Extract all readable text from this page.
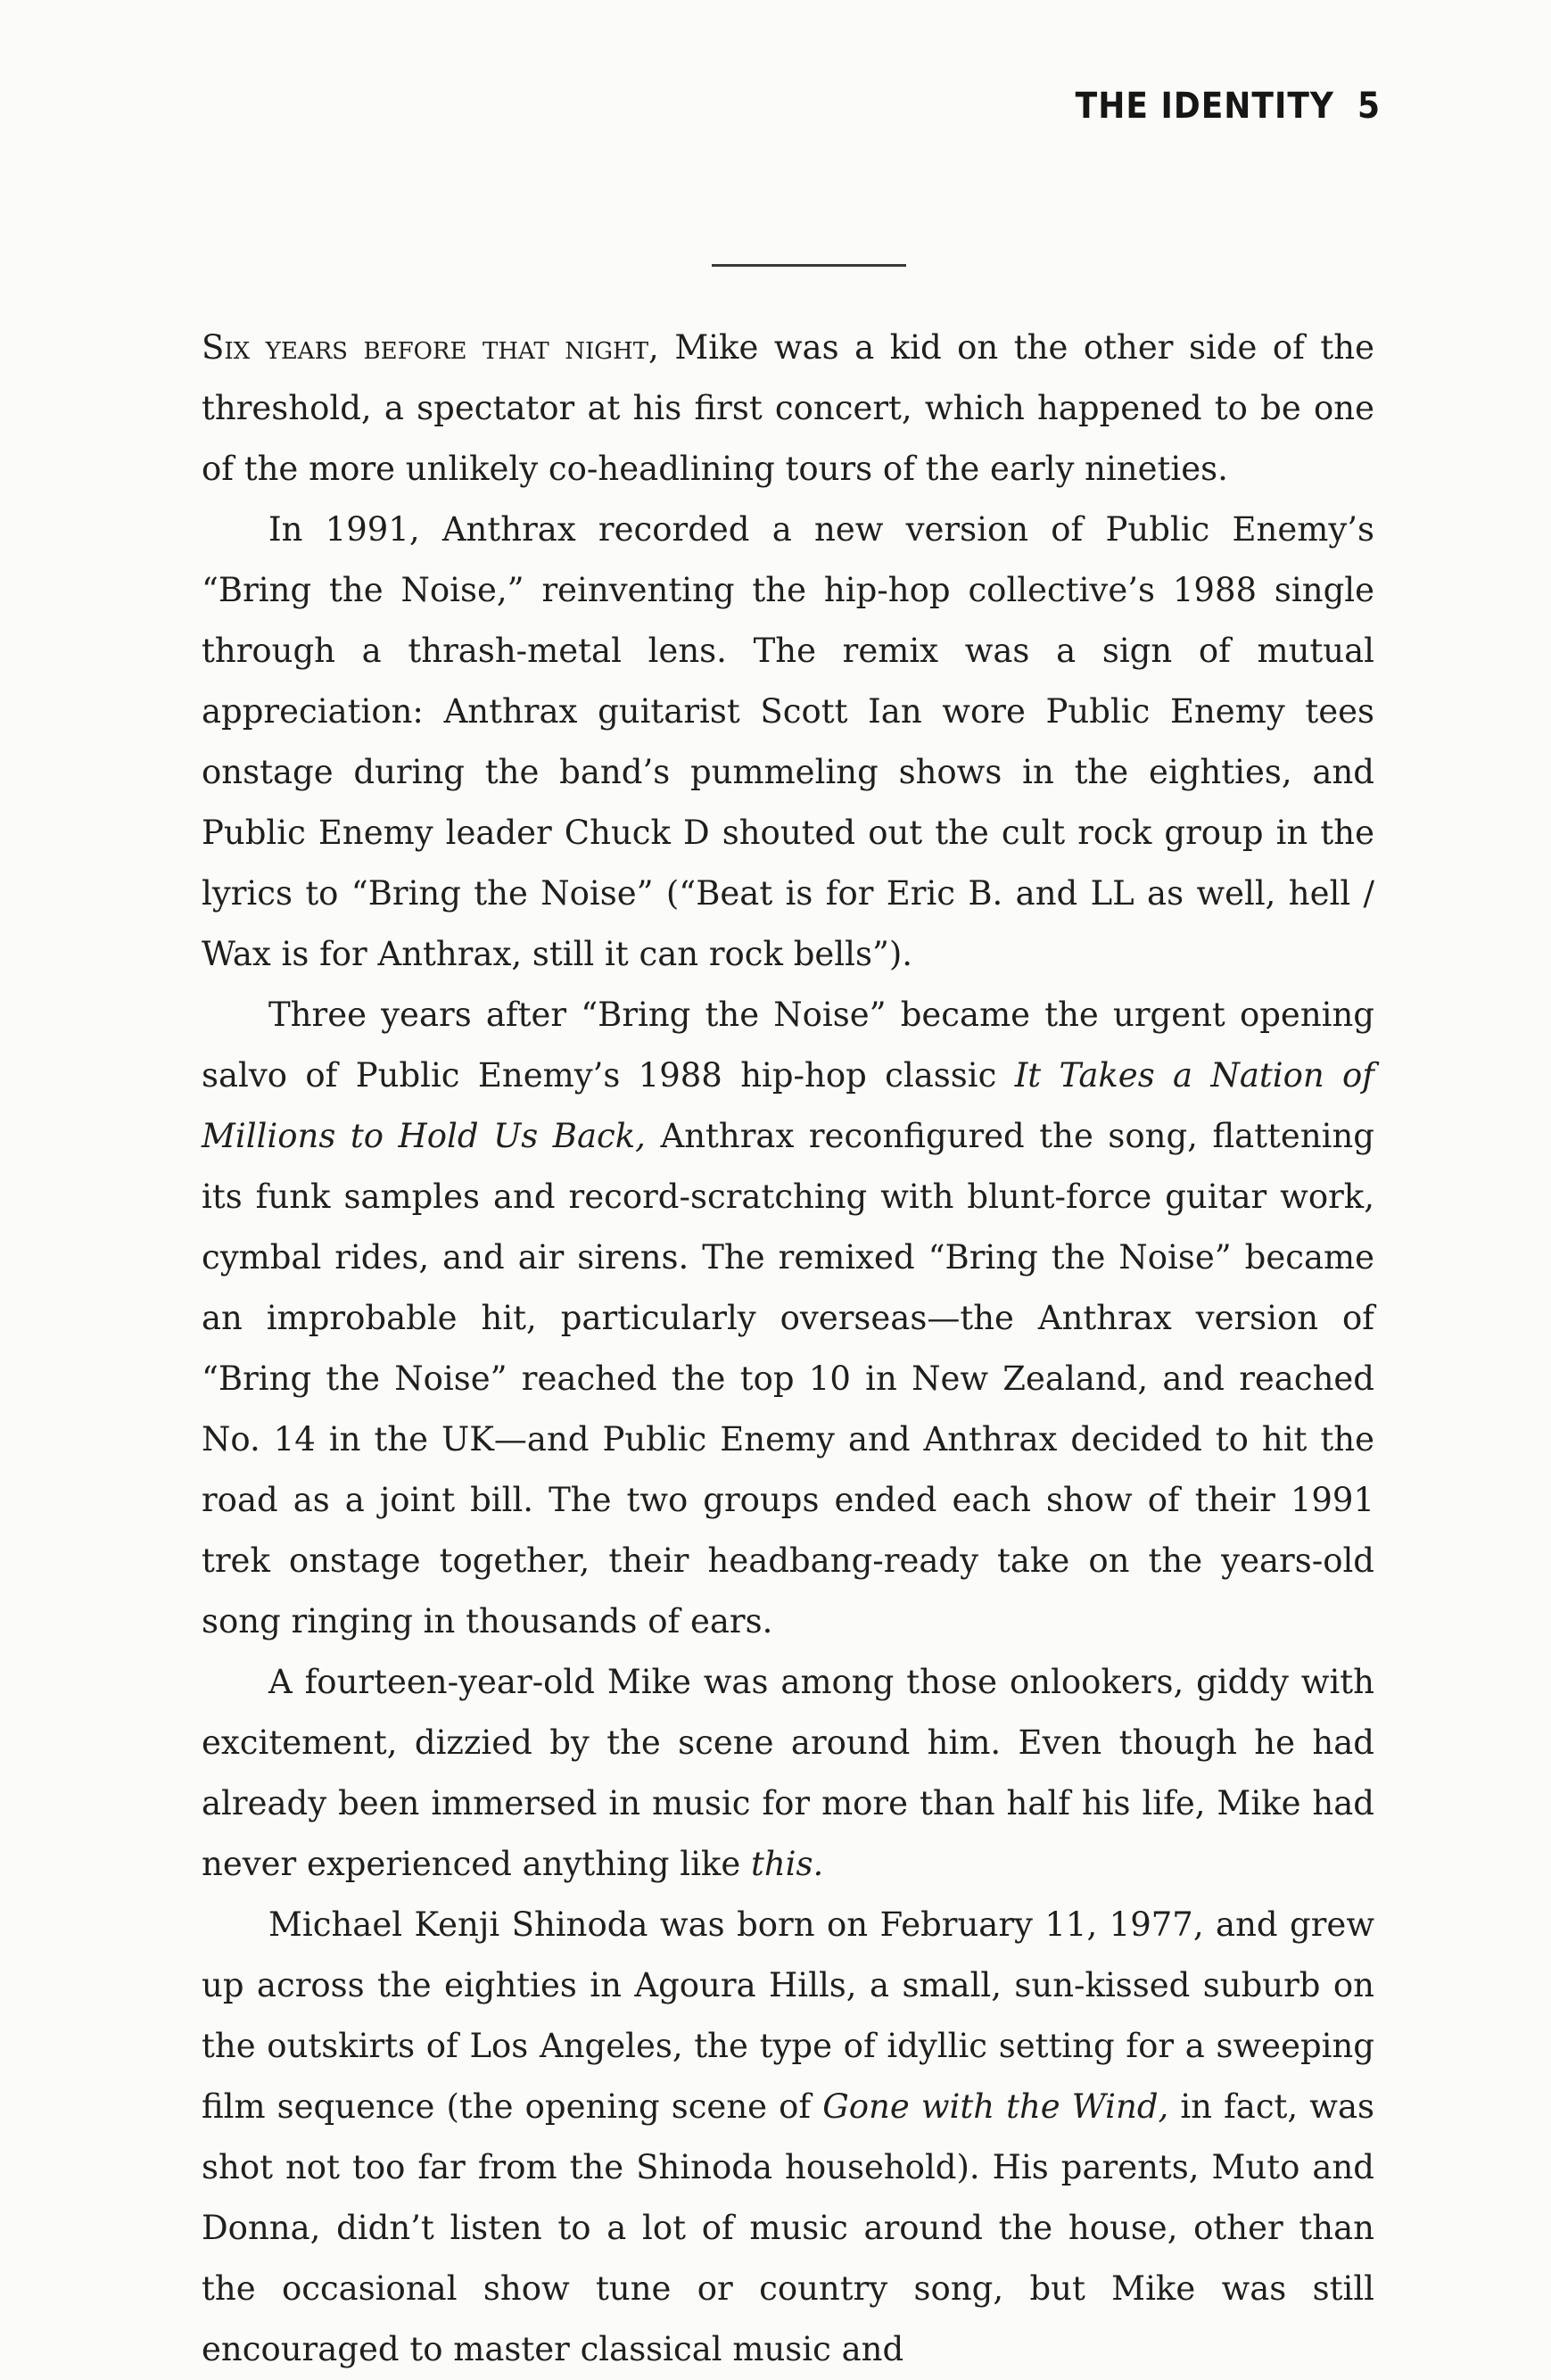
THE IDENTITY 5

Six years before that night, Mike was a kid on the other side of the threshold, a spectator at his first concert, which happened to be one of the more unlikely co-headlining tours of the early nineties.

In 1991, Anthrax recorded a new version of Public Enemy’s “Bring the Noise,” reinventing the hip-hop collective’s 1988 single through a thrash-metal lens. The remix was a sign of mutual appreciation: Anthrax guitarist Scott Ian wore Public Enemy tees onstage during the band’s pummeling shows in the eighties, and Public Enemy leader Chuck D shouted out the cult rock group in the lyrics to “Bring the Noise” (“Beat is for Eric B. and LL as well, hell / Wax is for Anthrax, still it can rock bells”).

Three years after “Bring the Noise” became the urgent opening salvo of Public Enemy’s 1988 hip-hop classic It Takes a Nation of Millions to Hold Us Back, Anthrax reconfigured the song, flattening its funk samples and record-scratching with blunt-force guitar work, cymbal rides, and air sirens. The remixed “Bring the Noise” became an improbable hit, particularly overseas—the Anthrax version of “Bring the Noise” reached the top 10 in New Zealand, and reached No. 14 in the UK—and Public Enemy and Anthrax decided to hit the road as a joint bill. The two groups ended each show of their 1991 trek onstage together, their headbang-ready take on the years-old song ringing in thousands of ears.

A fourteen-year-old Mike was among those onlookers, giddy with excitement, dizzied by the scene around him. Even though he had already been immersed in music for more than half his life, Mike had never experienced anything like this.

Michael Kenji Shinoda was born on February 11, 1977, and grew up across the eighties in Agoura Hills, a small, sun-kissed suburb on the outskirts of Los Angeles, the type of idyllic setting for a sweeping film sequence (the opening scene of Gone with the Wind, in fact, was shot not too far from the Shinoda household). His parents, Muto and Donna, didn’t listen to a lot of music around the house, other than the occasional show tune or country song, but Mike was still encouraged to master classical music and
